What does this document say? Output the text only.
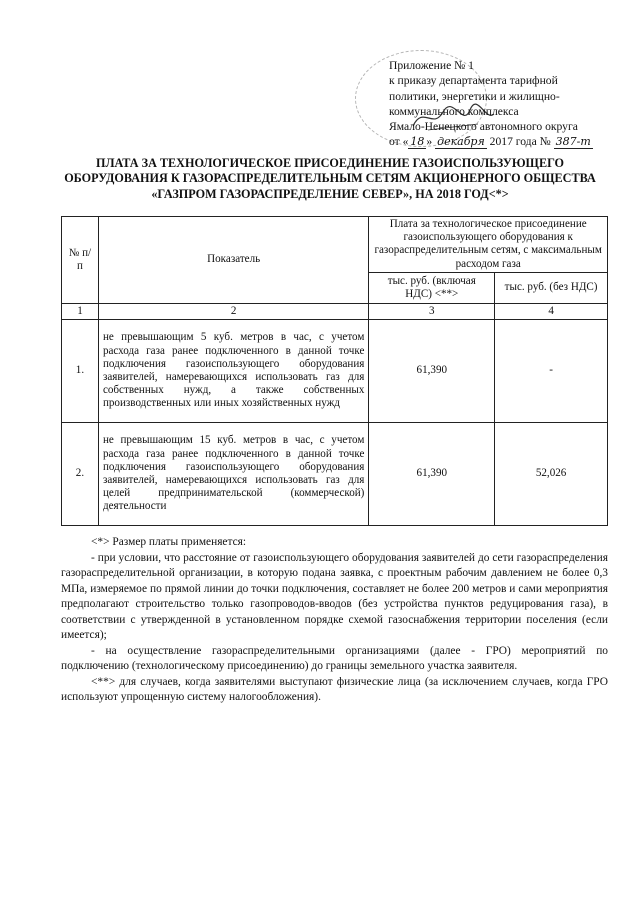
Приложение № 1
к приказу департамента тарифной
политики, энергетики и жилищно-
коммунального комплекса
Ямало-Ненецкого автономного округа
от « 18 » декабря 2017 года № 387-т
ПЛАТА ЗА ТЕХНОЛОГИЧЕСКОЕ ПРИСОЕДИНЕНИЕ ГАЗОИСПОЛЬЗУЮЩЕГО ОБОРУДОВАНИЯ К ГАЗОРАСПРЕДЕЛИТЕЛЬНЫМ СЕТЯМ АКЦИОНЕРНОГО ОБЩЕСТВА «ГАЗПРОМ ГАЗОРАСПРЕДЕЛЕНИЕ СЕВЕР», НА 2018 ГОД<*>
№ п/п	Показатель	Плата за технологическое присоединение газоиспользующего оборудования к газораспределительным сетям, с максимальным расходом газа	
		тыс. руб. (включая НДС) <**>	тыс. руб. (без НДС)
1	2	3	4
1.	не превышающим 5 куб. метров в час, с учетом расхода газа ранее подключенного в данной точке подключения газоиспользующего оборудования заявителей, намеревающихся использовать газ для собственных нужд, а также собственных производственных или иных хозяйственных нужд	61,390	-
2.	не превышающим 15 куб. метров в час, с учетом расхода газа ранее подключенного в данной точке подключения газоиспользующего оборудования заявителей, намеревающихся использовать газ для целей предпринимательской (коммерческой) деятельности	61,390	52,026

<*> Размер платы применяется:

- при условии, что расстояние от газоиспользующего оборудования заявителей до сети газораспределения газораспределительной организации, в которую подана заявка, с проектным рабочим давлением не более 0,3 МПа, измеряемое по прямой линии до точки подключения, составляет не более 200 метров и сами мероприятия предполагают строительство только газопроводов-вводов (без устройства пунктов редуцирования газа), в соответствии с утвержденной в установленном порядке схемой газоснабжения территории поселения (если имеется);

- на осуществление газораспределительными организациями (далее - ГРО) мероприятий по подключению (технологическому присоединению) до границы земельного участка заявителя.

<**> для случаев, когда заявителями выступают физические лица (за исключением случаев, когда ГРО используют упрощенную систему налогообложения).
